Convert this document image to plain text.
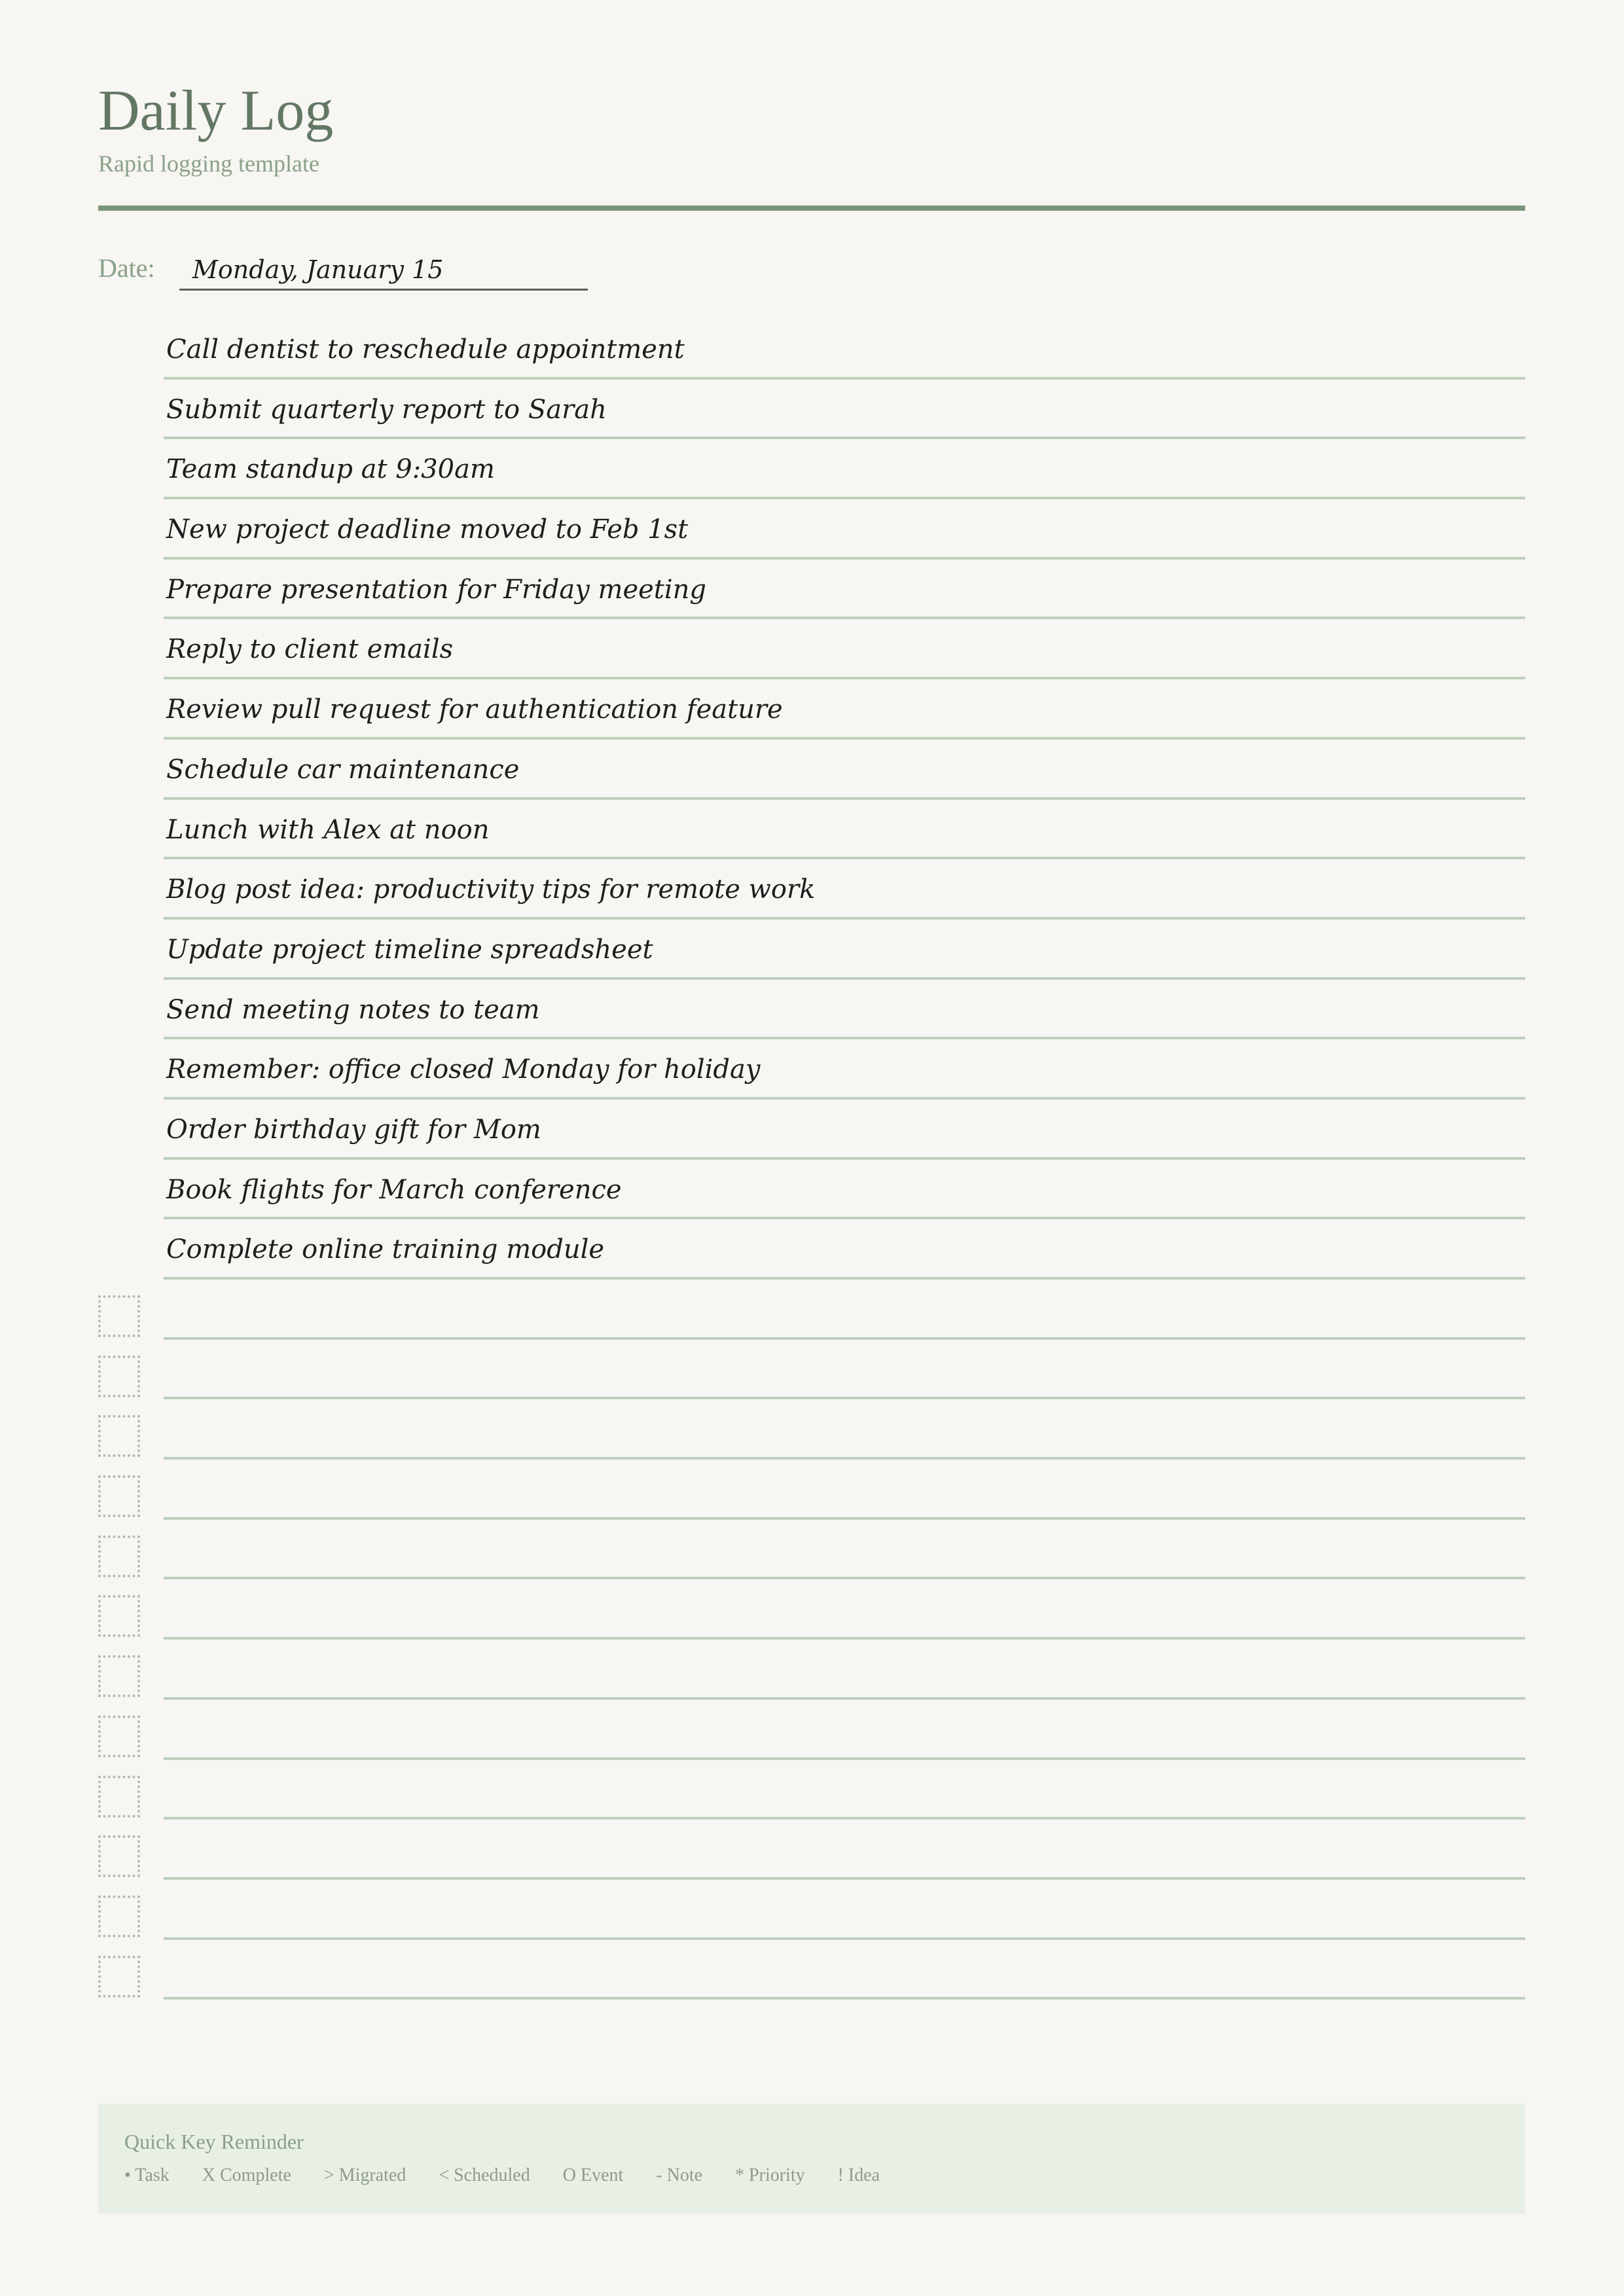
Daily Log
Rapid logging template
Date:	Monday, January 15
Call dentist to reschedule appointment
Submit quarterly report to Sarah
Team standup at 9:30am
New project deadline moved to Feb 1st
Prepare presentation for Friday meeting
Reply to client emails
Review pull request for authentication feature
Schedule car maintenance
Lunch with Alex at noon
Blog post idea: productivity tips for remote work
Update project timeline spreadsheet
Send meeting notes to team
Remember: office closed Monday for holiday
Order birthday gift for Mom
Book flights for March conference
Complete online training module
Quick Key Reminder
• Task X Complete > Migrated < Scheduled O Event - Note * Priority ! Idea
